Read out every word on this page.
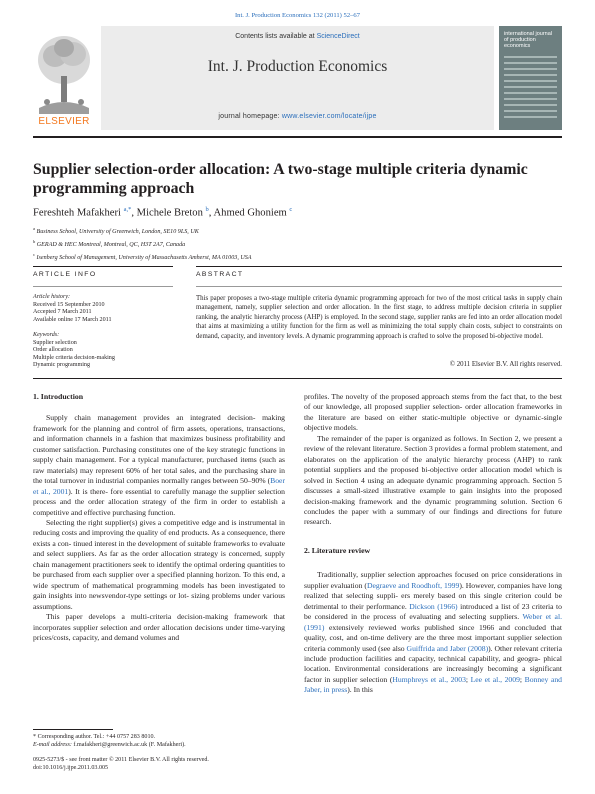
Int. J. Production Economics 132 (2011) 52–67
ELSEVIER
Contents lists available at ScienceDirect
Int. J. Production Economics
journal homepage: www.elsevier.com/locate/ijpe
international journal of production economics
Supplier selection-order allocation: A two-stage multiple criteria dynamic programming approach
Fereshteh Mafakheri $^{a,*}$, Michele Breton $^b$, Ahmed Ghoniem $^c$
$^a$ Business School, University of Greenwich, London, SE10 9LS, UK
$^b$ GERAD & HEC Montreal, Montreal, QC, H3T 2A7, Canada
$^c$ Isenberg School of Management, University of Massachusetts Amherst, MA 01003, USA
ARTICLE INFO	ABSTRACT
Article history:
Received 15 September 2010
Accepted 7 March 2011
Available online 17 March 2011
Keywords:
Supplier selection
Order allocation
Multiple criteria decision-making
Dynamic programming
This paper proposes a two-stage multiple criteria dynamic programming approach for two of the most critical tasks in supply chain management, namely, supplier selection and order allocation. In the first stage, to address multiple decision criteria in supplier ranking, the analytic hierarchy process (AHP) is employed. In the second stage, supplier ranks are fed into an order allocation model that aims at maximizing a utility function for the firm as well as minimizing the total supply chain costs, subject to constraints on demand, capacity, and inventory levels. A dynamic programming approach is crafted to solve the proposed bi-objective model.
© 2011 Elsevier B.V. All rights reserved.
1. Introduction

Supply chain management provides an integrated decision- making framework for the planning and control of firm assets, operations, transactions, and information channels in a fashion that maximizes business profitability and customer satisfaction. Purchasing constitutes one of the key strategic functions in supply chain management. For a typical manufacturer, purchased items (such as raw materials) may represent 60% of her total sales, and the purchasing share in the total turnover in industrial companies normally ranges between 50–90% (Boer et al., 2001). It is there- fore essential to carefully manage the supplier selection process and the order allocation strategy of the firm in order to establish a competitive and effective purchasing function.

Selecting the right supplier(s) gives a competitive edge and is instrumental in reducing costs and improving the quality of end products. As a consequence, there exists a con- tinued interest in the development of suitable frameworks to evaluate and select suppliers. As far as the order allocation strategy is concerned, supply chain management practitioners seek to identify the optimal ordering quantities to be purchased from each supplier over a specified planning horizon. To this end, a wide spectrum of mathematical programming models has been investigated to gain insights into newsvendor-type settings or lot- sizing problems under various assumptions.

This paper develops a multi-criteria decision-making framework that incorporates supplier selection and order allocation decisions under time-varying prices/costs, capacity, and demand volumes and

profiles. The novelty of the proposed approach stems from the fact that, to the best of our knowledge, all proposed supplier selection- order allocation frameworks in the literature are based on either static-multiple objective or dynamic-single objective models.

The remainder of the paper is organized as follows. In Section 2, we present a review of the relevant literature. Section 3 provides a formal problem statement, and elaborates on the application of the analytic hierarchy process (AHP) to rank potential suppliers and the proposed bi-objective order allocation model which is solved in Section 4 using an adequate dynamic programming approach. Section 5 discusses a small-sized illustrative example to gain insights into the proposed decision-making framework and the dynamic programming solution. Section 6 concludes the paper with a summary of our findings and directions for future research.

2. Literature review

Traditionally, supplier selection approaches focused on price considerations in supplier evaluation (Degraeve and Roodhoft, 1999). However, companies have long realized that selecting suppli- ers merely based on this single criterion could be detrimental to their performance. Dickson (1966) introduced a list of 23 criteria to be considered in the process of evaluating and selecting suppliers. Weber et al. (1991) extensively reviewed works published since 1966 and concluded that quality, cost, and on-time delivery are the three most important supplier selection criteria commonly used (see also Guiffrida and Jaber (2008)). Other relevant criteria include production facilities and capacity, technical capability, and geogra- phical location. Environmental considerations are increasingly becoming a significant factor in supplier selection (Humphreys et al., 2003; Lee et al., 2009; Bonney and Jaber, in press). In this

* Corresponding author. Tel.: +44 0757 283 8010.
E-mail address: f.mafakheri@greenwich.ac.uk (F. Mafakheri).
0925-5273/$ - see front matter © 2011 Elsevier B.V. All rights reserved.
doi:10.1016/j.ijpe.2011.03.005
